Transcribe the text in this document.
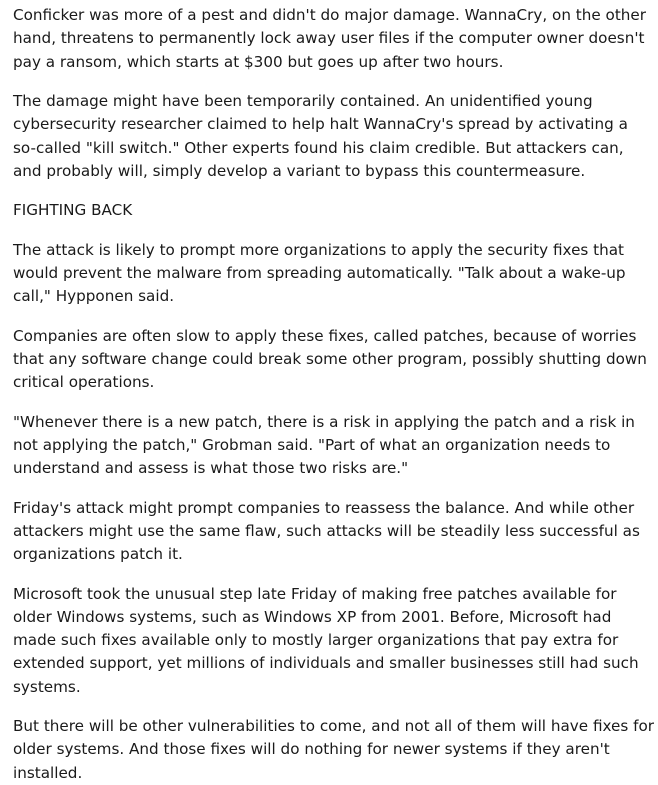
Conficker was more of a pest and didn't do major damage. WannaCry, on the other hand, threatens to permanently lock away user files if the computer owner doesn't pay a ransom, which starts at $300 but goes up after two hours.

The damage might have been temporarily contained. An unidentified young cybersecurity researcher claimed to help halt WannaCry's spread by activating a so-called "kill switch." Other experts found his claim credible. But attackers can, and probably will, simply develop a variant to bypass this countermeasure.

FIGHTING BACK

The attack is likely to prompt more organizations to apply the security fixes that would prevent the malware from spreading automatically. "Talk about a wake-up call," Hypponen said.

Companies are often slow to apply these fixes, called patches, because of worries that any software change could break some other program, possibly shutting down critical operations.

"Whenever there is a new patch, there is a risk in applying the patch and a risk in not applying the patch," Grobman said. "Part of what an organization needs to understand and assess is what those two risks are."

Friday's attack might prompt companies to reassess the balance. And while other attackers might use the same flaw, such attacks will be steadily less successful as organizations patch it.

Microsoft took the unusual step late Friday of making free patches available for older Windows systems, such as Windows XP from 2001. Before, Microsoft had made such fixes available only to mostly larger organizations that pay extra for extended support, yet millions of individuals and smaller businesses still had such systems.

But there will be other vulnerabilities to come, and not all of them will have fixes for older systems. And those fixes will do nothing for newer systems if they aren't installed.
